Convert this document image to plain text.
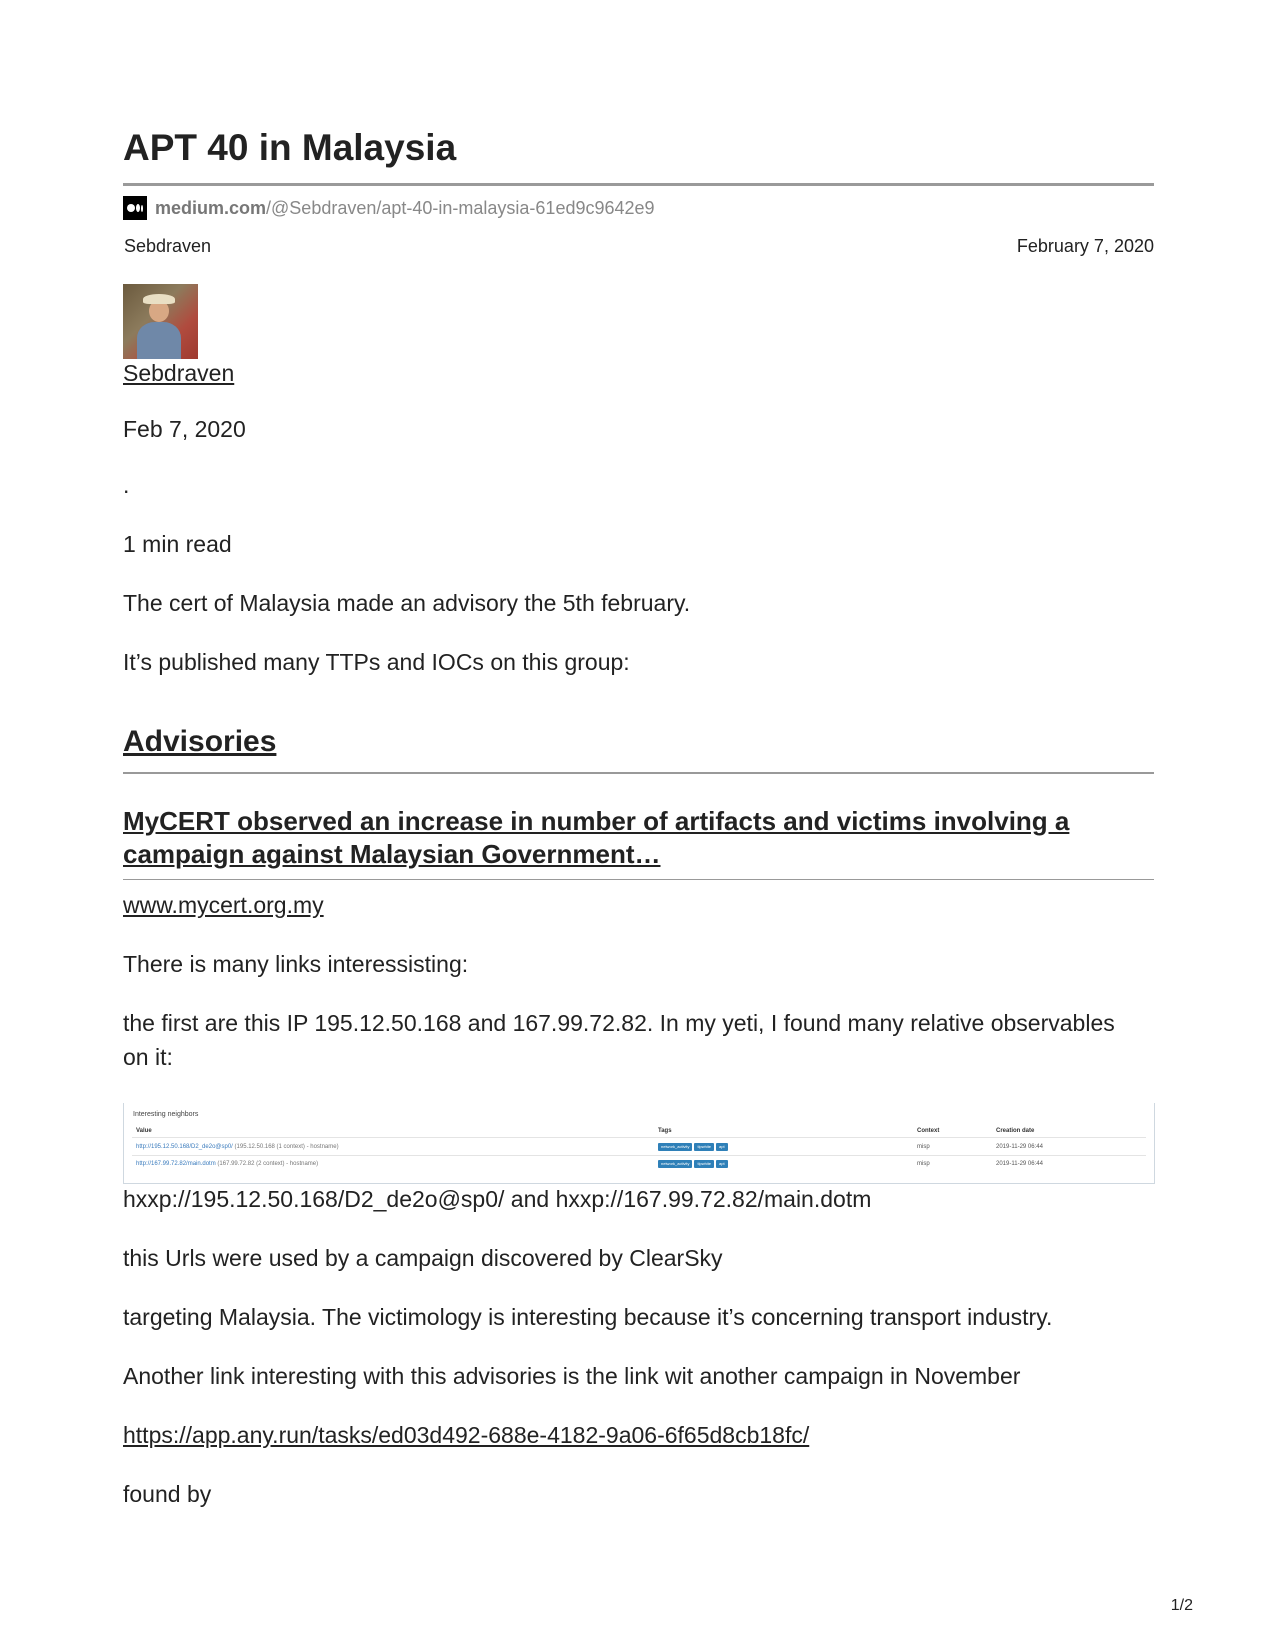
APT 40 in Malaysia
medium.com /@Sebdraven/apt-40-in-malaysia-61ed9c9642e9
Sebdraven	February 7, 2020
Sebdraven

Feb 7, 2020

.

1 min read

The cert of Malaysia made an advisory the 5th february.

It’s published many TTPs and IOCs on this group:

Advisories
MyCERT observed an increase in number of artifacts and victims involving a campaign against Malaysian Government…
www.mycert.org.my

There is many links interessisting:

the first are this IP 195.12.50.168 and 167.99.72.82. In my yeti, I found many relative observables on it:

Interesting neighbors
Value	Tags	Context	Creation date
http://195.12.50.168/D2_de2o@sp0/ (195.12.50.168 (1 context) - hostname)	network_activity	tlpwhite	apt	misp	2019-11-29 06:44
http://167.99.72.82/main.dotm (167.99.72.82 (2 context) - hostname)	network_activity	tlpwhite	apt	misp	2019-11-29 06:44

hxxp://195.12.50.168/D2_de2o@sp0/ and hxxp://167.99.72.82/main.dotm

this Urls were used by a campaign discovered by ClearSky

targeting Malaysia. The victimology is interesting because it’s concerning transport industry.

Another link interesting with this advisories is the link wit another campaign in November

https://app.any.run/tasks/ed03d492-688e-4182-9a06-6f65d8cb18fc/

found by

1/2
